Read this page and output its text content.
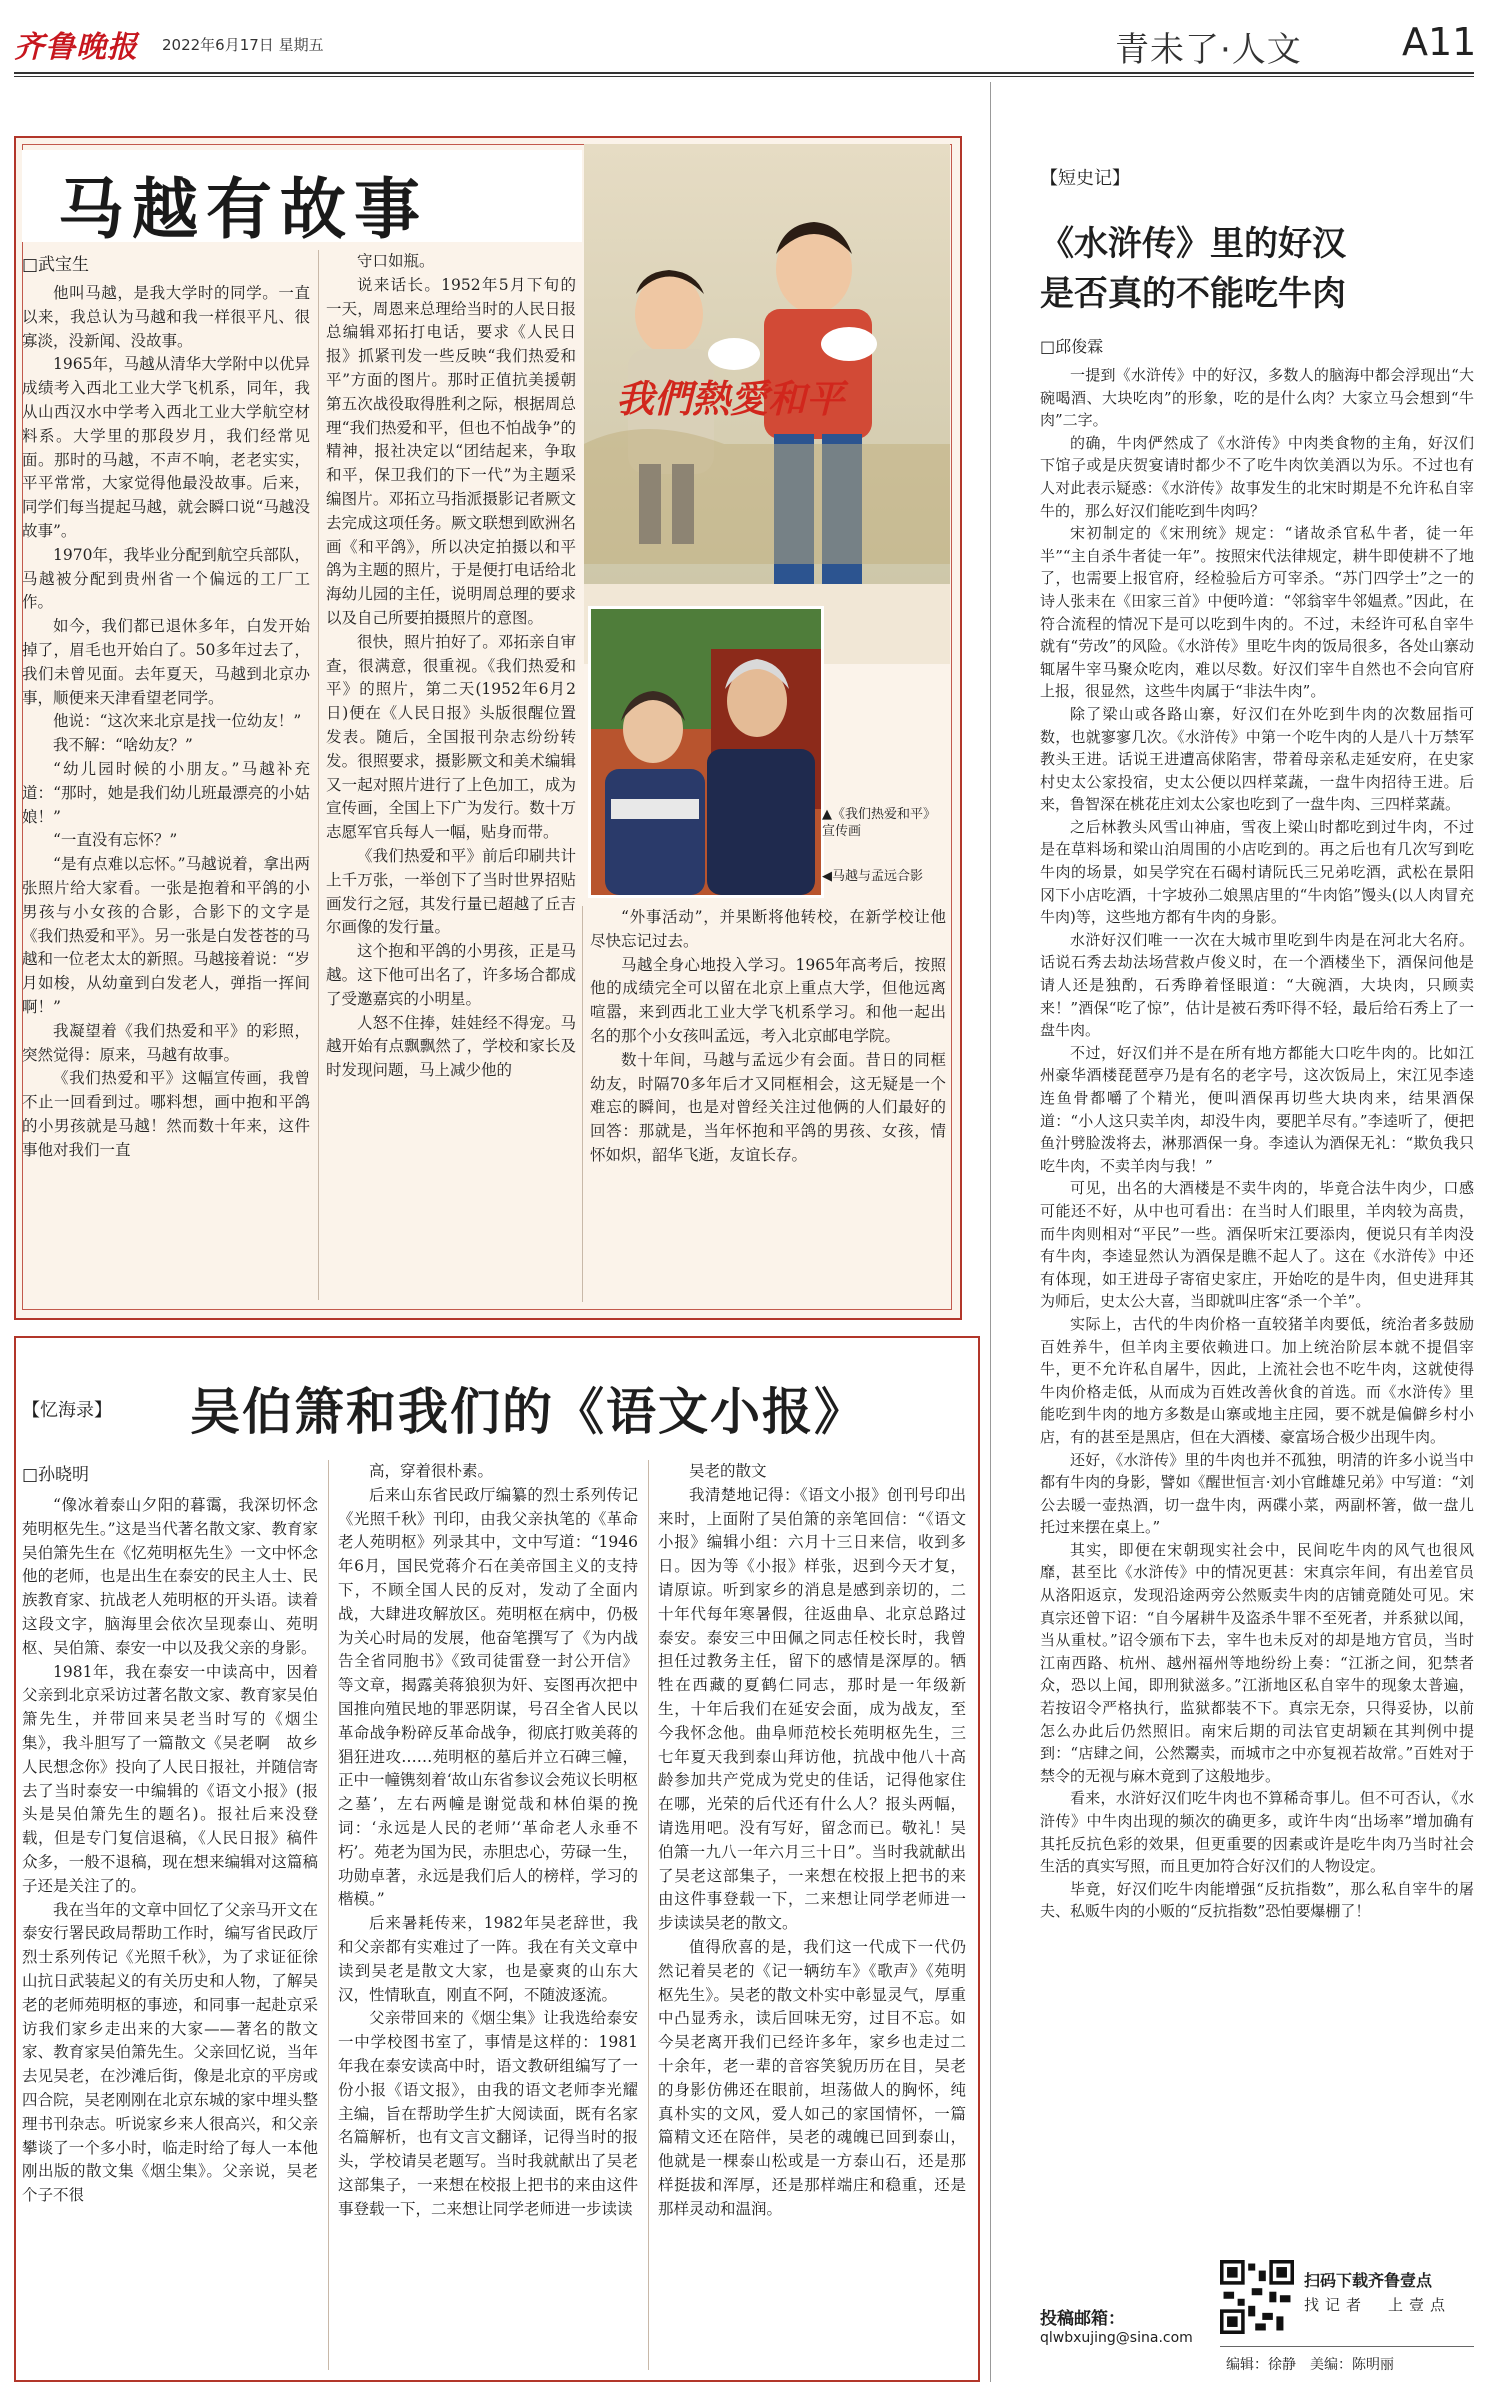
齐鲁晚报	2022年6月17日 星期五	青未了·人文	A11
马越有故事
□武宝生

他叫马越，是我大学时的同学。一直以来，我总认为马越和我一样很平凡、很寡淡，没新闻、没故事。

1965年，马越从清华大学附中以优异成绩考入西北工业大学飞机系，同年，我从山西汉水中学考入西北工业大学航空材料系。大学里的那段岁月，我们经常见面。那时的马越，不声不响，老老实实，平平常常，大家觉得他最没故事。后来，同学们每当提起马越，就会瞬口说“马越没故事”。

1970年，我毕业分配到航空兵部队，马越被分配到贵州省一个偏远的工厂工作。

如今，我们都已退休多年，白发开始掉了，眉毛也开始白了。50多年过去了，我们未曾见面。去年夏天，马越到北京办事，顺便来天津看望老同学。

他说：“这次来北京是找一位幼友！”

我不解：“啥幼友？”

“幼儿园时候的小朋友。”马越补充道：“那时，她是我们幼儿班最漂亮的小姑娘！”

“一直没有忘怀？”

“是有点难以忘怀。”马越说着，拿出两张照片给大家看。一张是抱着和平鸽的小男孩与小女孩的合影，合影下的文字是《我们热爱和平》。另一张是白发苍苍的马越和一位老太太的新照。马越接着说：“岁月如梭，从幼童到白发老人，弹指一挥间啊！”

我凝望着《我们热爱和平》的彩照，突然觉得：原来，马越有故事。

《我们热爱和平》这幅宣传画，我曾不止一回看到过。哪料想，画中抱和平鸽的小男孩就是马越！然而数十年来，这件事他对我们一直

守口如瓶。

说来话长。1952年5月下旬的一天，周恩来总理给当时的人民日报总编辑邓拓打电话，要求《人民日报》抓紧刊发一些反映“我们热爱和平”方面的图片。那时正值抗美援朝第五次战役取得胜利之际，根据周总理“我们热爱和平，但也不怕战争”的精神，报社决定以“团结起来，争取和平，保卫我们的下一代”为主题采编图片。邓拓立马指派摄影记者厥文去完成这项任务。厥文联想到欧洲名画《和平鸽》，所以决定拍摄以和平鸽为主题的照片，于是便打电话给北海幼儿园的主任，说明周总理的要求以及自己所要拍摄照片的意图。

很快，照片拍好了。邓拓亲自审查，很满意，很重视。《我们热爱和平》的照片，第二天(1952年6月2日)便在《人民日报》头版很醒位置发表。随后，全国报刊杂志纷纷转发。很照要求，摄影厥文和美术编辑又一起对照片进行了上色加工，成为宣传画，全国上下广为发行。数十万志愿军官兵每人一幅，贴身而带。

《我们热爱和平》前后印刷共计上千万张，一举创下了当时世界招贴画发行之冠，其发行量已超越了丘吉尔画像的发行量。

这个抱和平鸽的小男孩，正是马越。这下他可出名了，许多场合都成了受邀嘉宾的小明星。

人怒不住捧，娃娃经不得宠。马越开始有点飘飘然了，学校和家长及时发现问题，马上减少他的

“外事活动”，并果断将他转校，在新学校让他尽快忘记过去。

马越全身心地投入学习。1965年高考后，按照他的成绩完全可以留在北京上重点大学，但他远离喧嚣，来到西北工业大学飞机系学习。和他一起出名的那个小女孩叫孟远，考入北京邮电学院。

数十年间，马越与孟远少有会面。昔日的同框幼友，时隔70多年后才又同框相会，这无疑是一个难忘的瞬间，也是对曾经关注过他俩的人们最好的回答：那就是，当年怀抱和平鸽的男孩、女孩，情怀如炽，韶华飞逝，友谊长存。

我們熱愛和平
▲《我们热爱和平》宣传画
◀马越与孟远合影
【忆海录】 吴伯箫和我们的《语文小报》
□孙晓明

“像冰着泰山夕阳的暮霭，我深切怀念苑明枢先生。”这是当代著名散文家、教育家吴伯箫先生在《忆苑明枢先生》一文中怀念他的老师，也是出生在泰安的民主人士、民族教育家、抗战老人苑明枢的开头语。读着这段文字，脑海里会依次呈现泰山、苑明枢、吴伯箫、泰安一中以及我父亲的身影。

1981年，我在泰安一中读高中，因着父亲到北京采访过著名散文家、教育家吴伯箫先生，并带回来吴老当时写的《烟尘集》，我斗胆写了一篇散文《吴老啊　故乡人民想念你》投向了人民日报社，并随信寄去了当时泰安一中编辑的《语文小报》(报头是吴伯箫先生的题名)。报社后来没登载，但是专门复信退稿，《人民日报》稿件众多，一般不退稿，现在想来编辑对这篇稿子还是关注了的。

我在当年的文章中回忆了父亲马开文在泰安行署民政局帮助工作时，编写省民政厅烈士系列传记《光照千秋》，为了求证征徐山抗日武装起义的有关历史和人物，了解吴老的老师苑明枢的事迹，和同事一起赴京采访我们家乡走出来的大家——著名的散文家、教育家吴伯箫先生。父亲回忆说，当年去见吴老，在沙滩后街，像是北京的平房或四合院，吴老刚刚在北京东城的家中埋头整理书刊杂志。听说家乡来人很高兴，和父亲攀谈了一个多小时，临走时给了每人一本他刚出版的散文集《烟尘集》。父亲说，吴老个子不很

高，穿着很朴素。

后来山东省民政厅编纂的烈士系列传记《光照千秋》刊印，由我父亲执笔的《革命老人苑明枢》列录其中，文中写道：“1946年6月，国民党蒋介石在美帝国主义的支持下，不顾全国人民的反对，发动了全面内战，大肆进攻解放区。苑明枢在病中，仍极为关心时局的发展，他奋笔撰写了《为内战告全省同胞书》《致司徒雷登一封公开信》等文章，揭露美蒋狼狈为奸、妄图再次把中国推向殖民地的罪恶阴谋，号召全省人民以革命战争粉碎反革命战争，彻底打败美蒋的猖狂进攻……苑明枢的墓后并立石碑三幢，正中一幢镌刻着‘故山东省参议会苑议长明枢之墓’，左右两幢是谢觉哉和林伯渠的挽词：‘永远是人民的老师’‘革命老人永垂不朽’。苑老为国为民，赤胆忠心，劳碌一生，功勋卓著，永远是我们后人的榜样，学习的楷模。”

后来暑耗传来，1982年吴老辞世，我和父亲都有实难过了一阵。我在有关文章中读到吴老是散文大家，也是豪爽的山东大汉，性情耿直，刚直不阿，不随波逐流。

父亲带回来的《烟尘集》让我选给泰安一中学校图书室了，事情是这样的：1981年我在泰安读高中时，语文教研组编写了一份小报《语文报》，由我的语文老师李光耀主编，旨在帮助学生扩大阅读面，既有名家名篇解析，也有文言文翻译，记得当时的报头，学校请吴老题写。当时我就献出了吴老这部集子，一来想在校报上把书的来由这件事登载一下，二来想让同学老师进一步读读

吴老的散文

我清楚地记得：《语文小报》创刊号印出来时，上面附了吴伯箫的亲笔回信：“《语文小报》编辑小组：六月十三日来信，收到多日。因为等《小报》样张，迟到今天才复，请原谅。听到家乡的消息是感到亲切的，二十年代每年寒暑假，往返曲阜、北京总路过泰安。泰安三中田佩之同志任校长时，我曾担任过教务主任，留下的感情是深厚的。牺牲在西藏的夏鹤仁同志，那时是一年级新生，十年后我们在延安会面，成为战友，至今我怀念他。曲阜师范校长苑明枢先生，三七年夏天我到泰山拜访他，抗战中他八十高龄参加共产党成为党史的佳话，记得他家住在哪，光荣的后代还有什么人？报头两幅，请选用吧。没有写好，留念而已。敬礼！吴伯箫一九八一年六月三十日”。当时我就献出了吴老这部集子，一来想在校报上把书的来由这件事登载一下，二来想让同学老师进一步读读吴老的散文。

值得欣喜的是，我们这一代成下一代仍然记着吴老的《记一辆纺车》《歌声》《苑明枢先生》。吴老的散文朴实中彰显灵气，厚重中凸显秀永，读后回味无穷，过目不忘。如今吴老离开我们已经许多年，家乡也走过二十余年，老一辈的音容笑貌历历在目，吴老的身影仿佛还在眼前，坦荡做人的胸怀，纯真朴实的文风，爱人如己的家国情怀，一篇篇精文还在陪伴，吴老的魂魄已回到泰山，他就是一棵泰山松或是一方泰山石，还是那样挺拔和浑厚，还是那样端庄和稳重，还是那样灵动和温润。

【短史记】
《水浒传》里的好汉
是否真的不能吃牛肉
□邱俊霖

一提到《水浒传》中的好汉，多数人的脑海中都会浮现出“大碗喝酒、大块吃肉”的形象，吃的是什么肉？大家立马会想到“牛肉”二字。

的确，牛肉俨然成了《水浒传》中肉类食物的主角，好汉们下馆子或是庆贺宴请时都少不了吃牛肉饮美酒以为乐。不过也有人对此表示疑惑：《水浒传》故事发生的北宋时期是不允许私自宰牛的，那么好汉们能吃到牛肉吗？

宋初制定的《宋刑统》规定：“诸故杀官私牛者，徒一年半”“主自杀牛者徒一年”。按照宋代法律规定，耕牛即使耕不了地了，也需要上报官府，经检验后方可宰杀。“苏门四学士”之一的诗人张耒在《田家三首》中便吟道：“邻翁宰牛邻媪煮。”因此，在符合流程的情况下是可以吃到牛肉的。不过，未经许可私自宰牛就有“劳改”的风险。《水浒传》里吃牛肉的饭局很多，各处山寨动辄屠牛宰马聚众吃肉，难以尽数。好汉们宰牛自然也不会向官府上报，很显然，这些牛肉属于“非法牛肉”。

除了梁山或各路山寨，好汉们在外吃到牛肉的次数屈指可数，也就寥寥几次。《水浒传》中第一个吃牛肉的人是八十万禁军教头王进。话说王进遭高俅陷害，带着母亲私走延安府，在史家村史太公家投宿，史太公便以四样菜蔬，一盘牛肉招待王进。后来，鲁智深在桃花庄刘太公家也吃到了一盘牛肉、三四样菜蔬。

之后林教头风雪山神庙，雪夜上梁山时都吃到过牛肉，不过是在草料场和梁山泊周围的小店吃到的。再之后也有几次写到吃牛肉的场景，如吴学究在石碣村请阮氏三兄弟吃酒，武松在景阳冈下小店吃酒，十字坡孙二娘黑店里的“牛肉馅”馒头(以人肉冒充牛肉)等，这些地方都有牛肉的身影。

水浒好汉们唯一一次在大城市里吃到牛肉是在河北大名府。话说石秀去劫法场营救卢俊义时，在一个酒楼坐下，酒保问他是请人还是独酌，石秀睁着怪眼道：“大碗酒，大块肉，只顾卖来！”酒保“吃了惊”，估计是被石秀吓得不轻，最后给石秀上了一盘牛肉。

不过，好汉们并不是在所有地方都能大口吃牛肉的。比如江州豪华酒楼琵琶亭乃是有名的老字号，这次饭局上，宋江见李逵连鱼骨都嚼了个精光，便叫酒保再切些大块肉来，结果酒保道：“小人这只卖羊肉，却没牛肉，要肥羊尽有。”李逵听了，便把鱼汁劈脸泼将去，淋那酒保一身。李逵认为酒保无礼：“欺负我只吃牛肉，不卖羊肉与我！”

可见，出名的大酒楼是不卖牛肉的，毕竟合法牛肉少，口感可能还不好，从中也可看出：在当时人们眼里，羊肉较为高贵，而牛肉则相对“平民”一些。酒保听宋江要添肉，便说只有羊肉没有牛肉，李逵显然认为酒保是瞧不起人了。这在《水浒传》中还有体现，如王进母子寄宿史家庄，开始吃的是牛肉，但史进拜其为师后，史太公大喜，当即就叫庄客“杀一个羊”。

实际上，古代的牛肉价格一直较猪羊肉要低，统治者多鼓励百姓养牛，但羊肉主要依赖进口。加上统治阶层本就不提倡宰牛，更不允许私自屠牛，因此，上流社会也不吃牛肉，这就使得牛肉价格走低，从而成为百姓改善伙食的首选。而《水浒传》里能吃到牛肉的地方多数是山寨或地主庄园，要不就是偏僻乡村小店，有的甚至是黑店，但在大酒楼、豪富场合极少出现牛肉。

还好，《水浒传》里的牛肉也并不孤独，明清的许多小说当中都有牛肉的身影，譬如《醒世恒言·刘小官雌雄兄弟》中写道：“刘公去暖一壶热酒，切一盘牛肉，两碟小菜，两副杯箸，做一盘儿托过来摆在桌上。”

其实，即便在宋朝现实社会中，民间吃牛肉的风气也很风靡，甚至比《水浒传》中的情况更甚：宋真宗年间，有出差官员从洛阳返京，发现沿途两旁公然贩卖牛肉的店铺竟随处可见。宋真宗还曾下诏：“自今屠耕牛及盗杀牛罪不至死者，并系狱以闻，当从重杖。”诏令颁布下去，宰牛也未反对的却是地方官员，当时江南西路、杭州、越州福州等地纷纷上奏：“江浙之间，犯禁者众，恐以上闻，即刑狱滋多。”江浙地区私自宰牛的现象太普遍，若按诏令严格执行，监狱都装不下。真宗无奈，只得妥协，以前怎么办此后仍然照旧。南宋后期的司法官吏胡颖在其判例中提到：“店肆之间，公然鬻卖，而城市之中亦复视若故常。”百姓对于禁令的无视与麻木竟到了这般地步。

看来，水浒好汉们吃牛肉也不算稀奇事儿。但不可否认，《水浒传》中牛肉出现的频次的确更多，或许牛肉“出场率”增加确有其托反抗色彩的效果，但更重要的因素或许是吃牛肉乃当时社会生活的真实写照，而且更加符合好汉们的人物设定。

毕竟，好汉们吃牛肉能增强“反抗指数”，那么私自宰牛的屠夫、私贩牛肉的小贩的“反抗指数”恐怕要爆棚了！

投稿邮箱：
qlwbxujing@sina.com
扫码下载齐鲁壹点
找记者　上壹点
编辑：徐静　美编：陈明丽
